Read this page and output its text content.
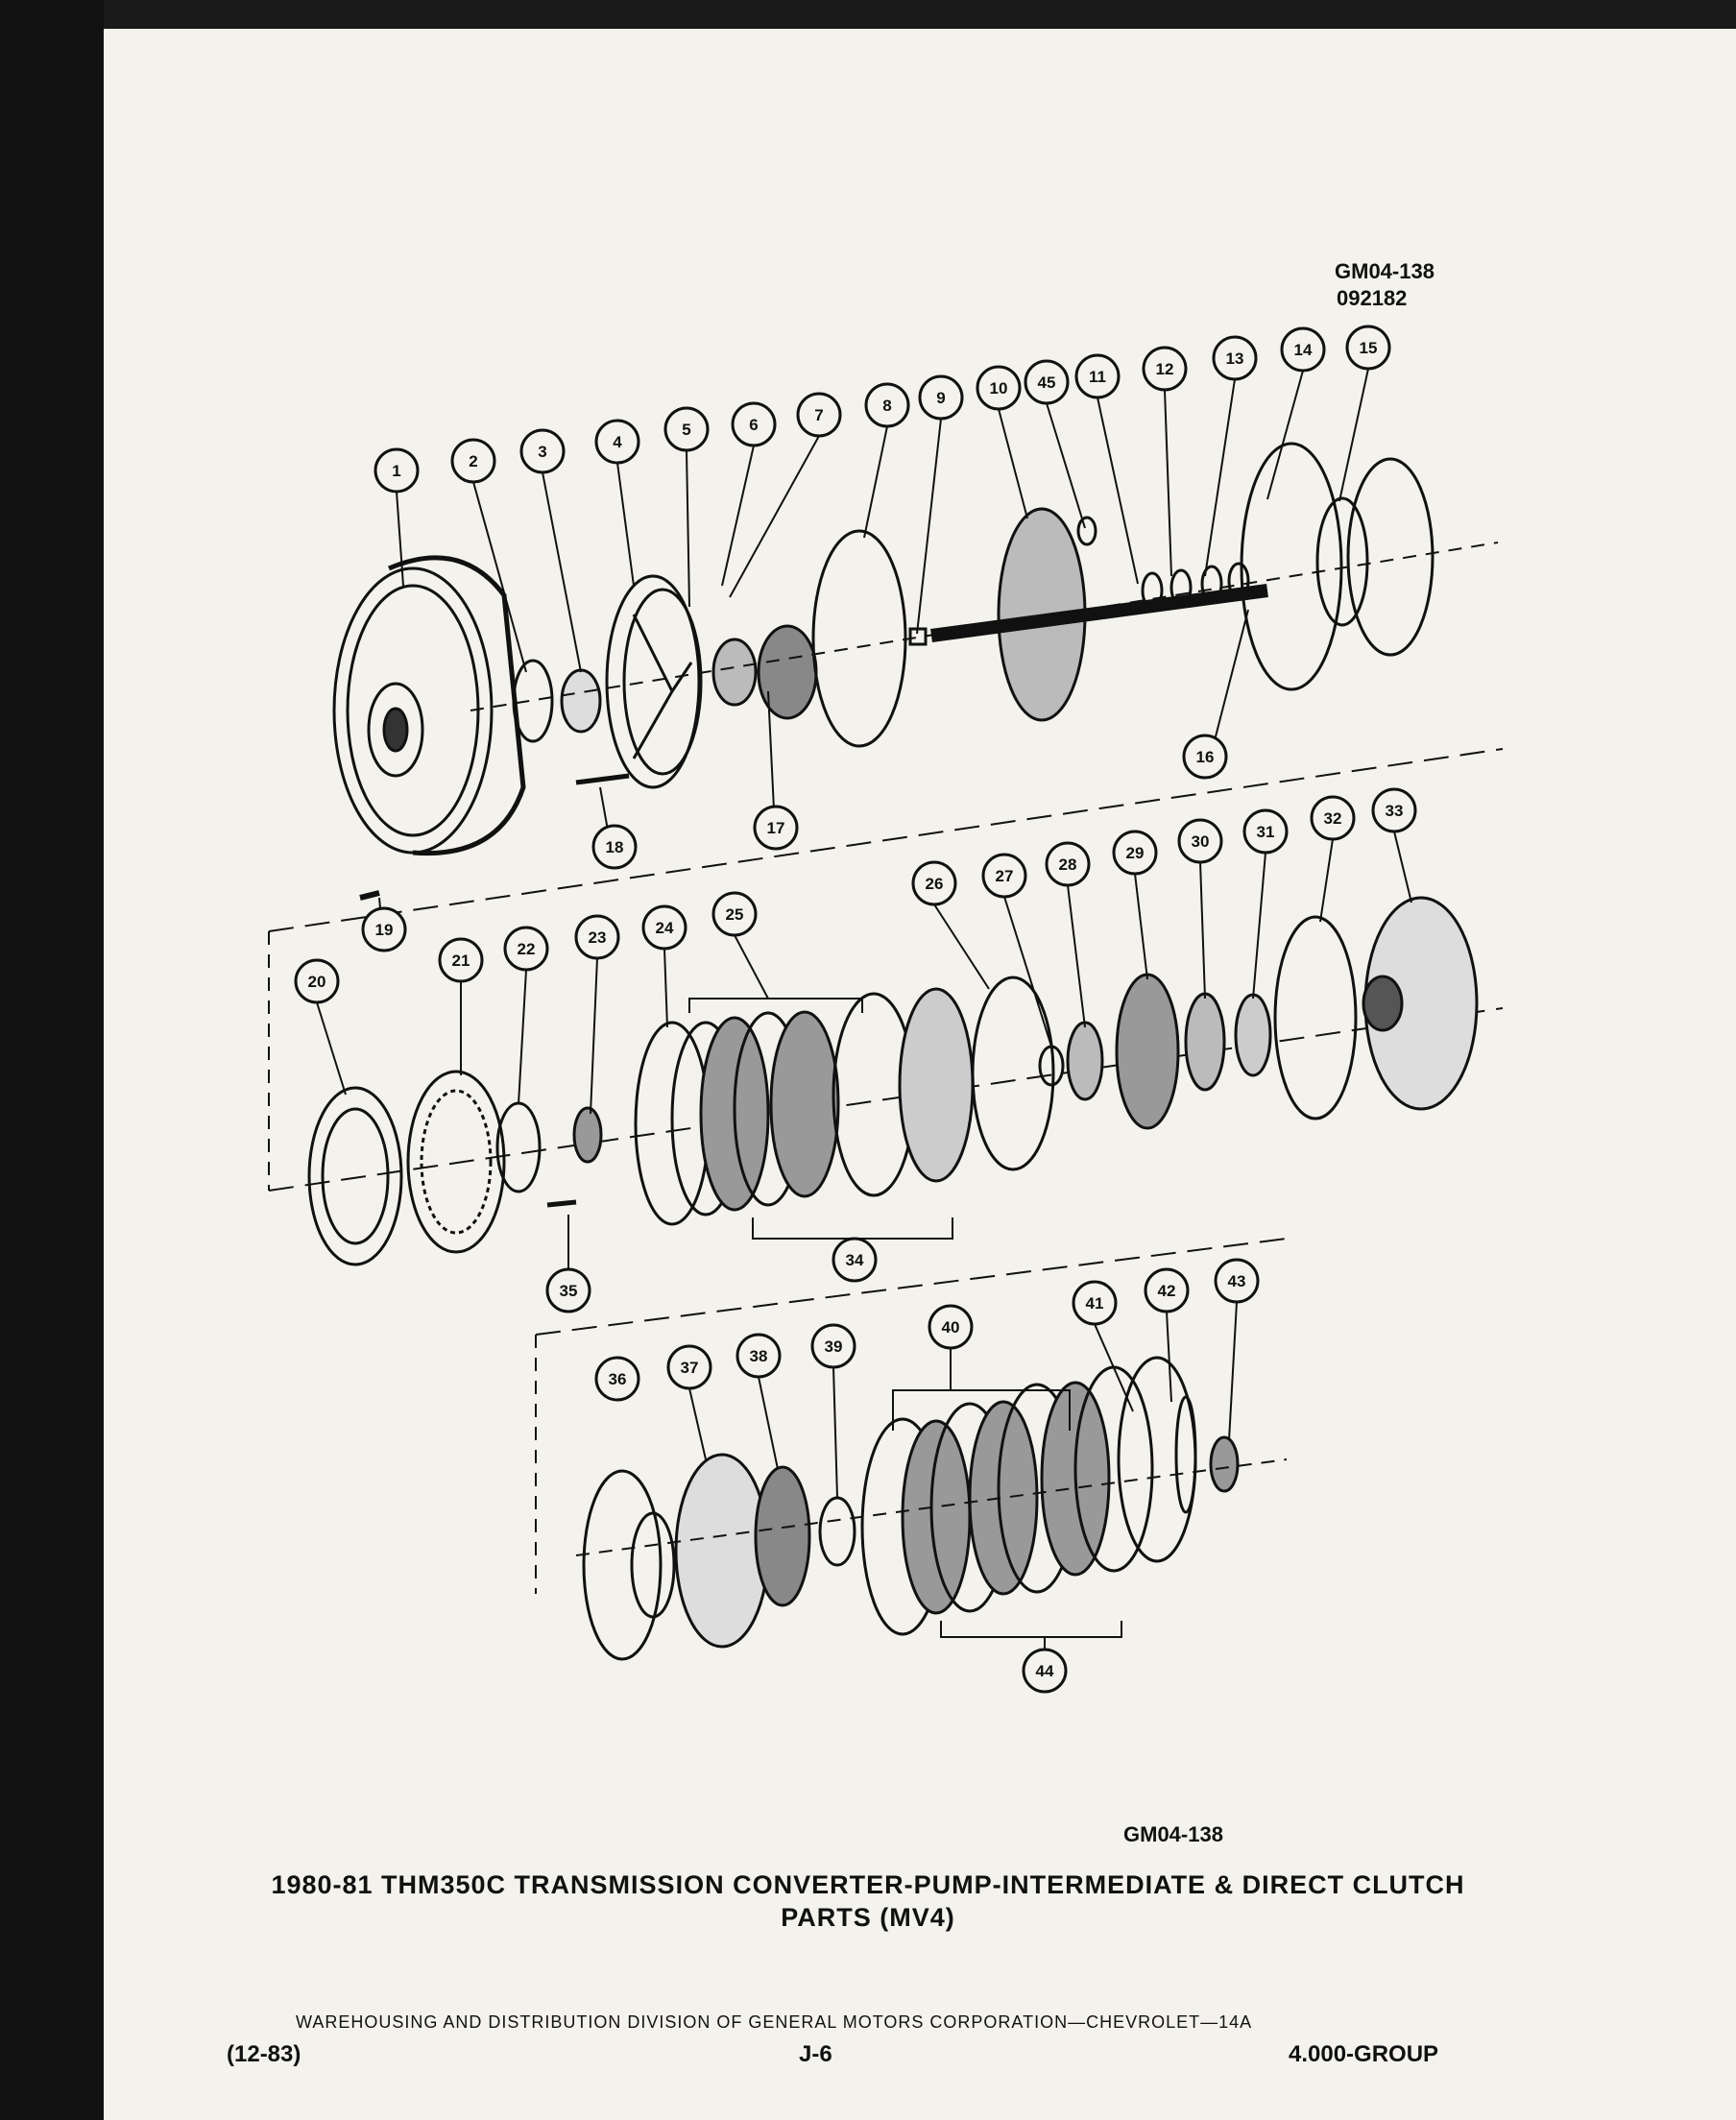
GM04-138
092182
1
2
3
4
5	6
7
8	9
10 45 11	12
13	14	15
16
17
18
19
20
21
22
23
24
25
26	27
28
29
30
31
32	33
34
35
36
37
38
39
40
41
42
43
44
GM04-138
1980-81 THM350C TRANSMISSION CONVERTER-PUMP-INTERMEDIATE & DIRECT CLUTCH
PARTS (MV4)
WAREHOUSING AND DISTRIBUTION DIVISION OF GENERAL MOTORS CORPORATION—CHEVROLET—14A
(12-83)	J-6	4.000-GROUP
